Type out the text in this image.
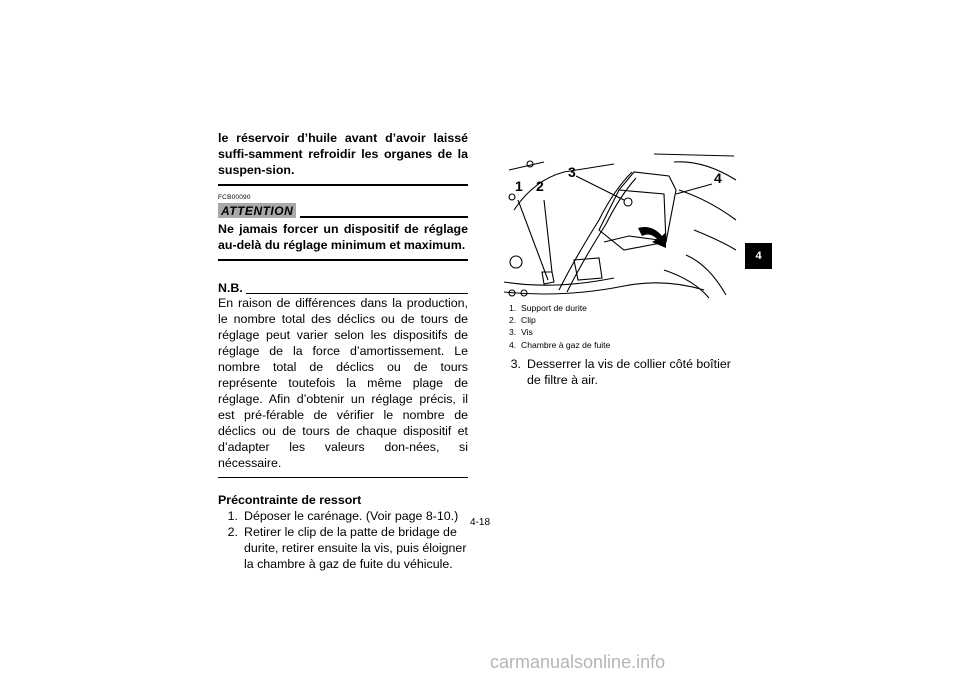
le réservoir d’huile avant d’avoir laissé suffi-samment refroidir les organes de la suspen-sion.
FCB00090
ATTENTION
Ne jamais forcer un dispositif de réglage au-delà du réglage minimum et maximum.
N.B.
En raison de différences dans la production, le nombre total des déclics ou de tours de réglage peut varier selon les dispositifs de réglage de la force d’amortissement. Le nombre total de déclics ou de tours représente toutefois la même plage de réglage. Afin d’obtenir un réglage précis, il est pré-férable de vérifier le nombre de déclics ou de tours de chaque dispositif et d’adapter les valeurs don-nées, si nécessaire.
Précontrainte de ressort
1. Déposer le carénage. (Voir page 8-10.)
2. Retirer le clip de la patte de bridage de durite, retirer ensuite la vis, puis éloigner la chambre à gaz de fuite du véhicule.
1 2
3	4
1. Support de durite
2. Clip
3. Vis
4. Chambre à gaz de fuite
3. Desserrer la vis de collier côté boîtier de filtre à air.
4
4-18
carmanualsonline.info
